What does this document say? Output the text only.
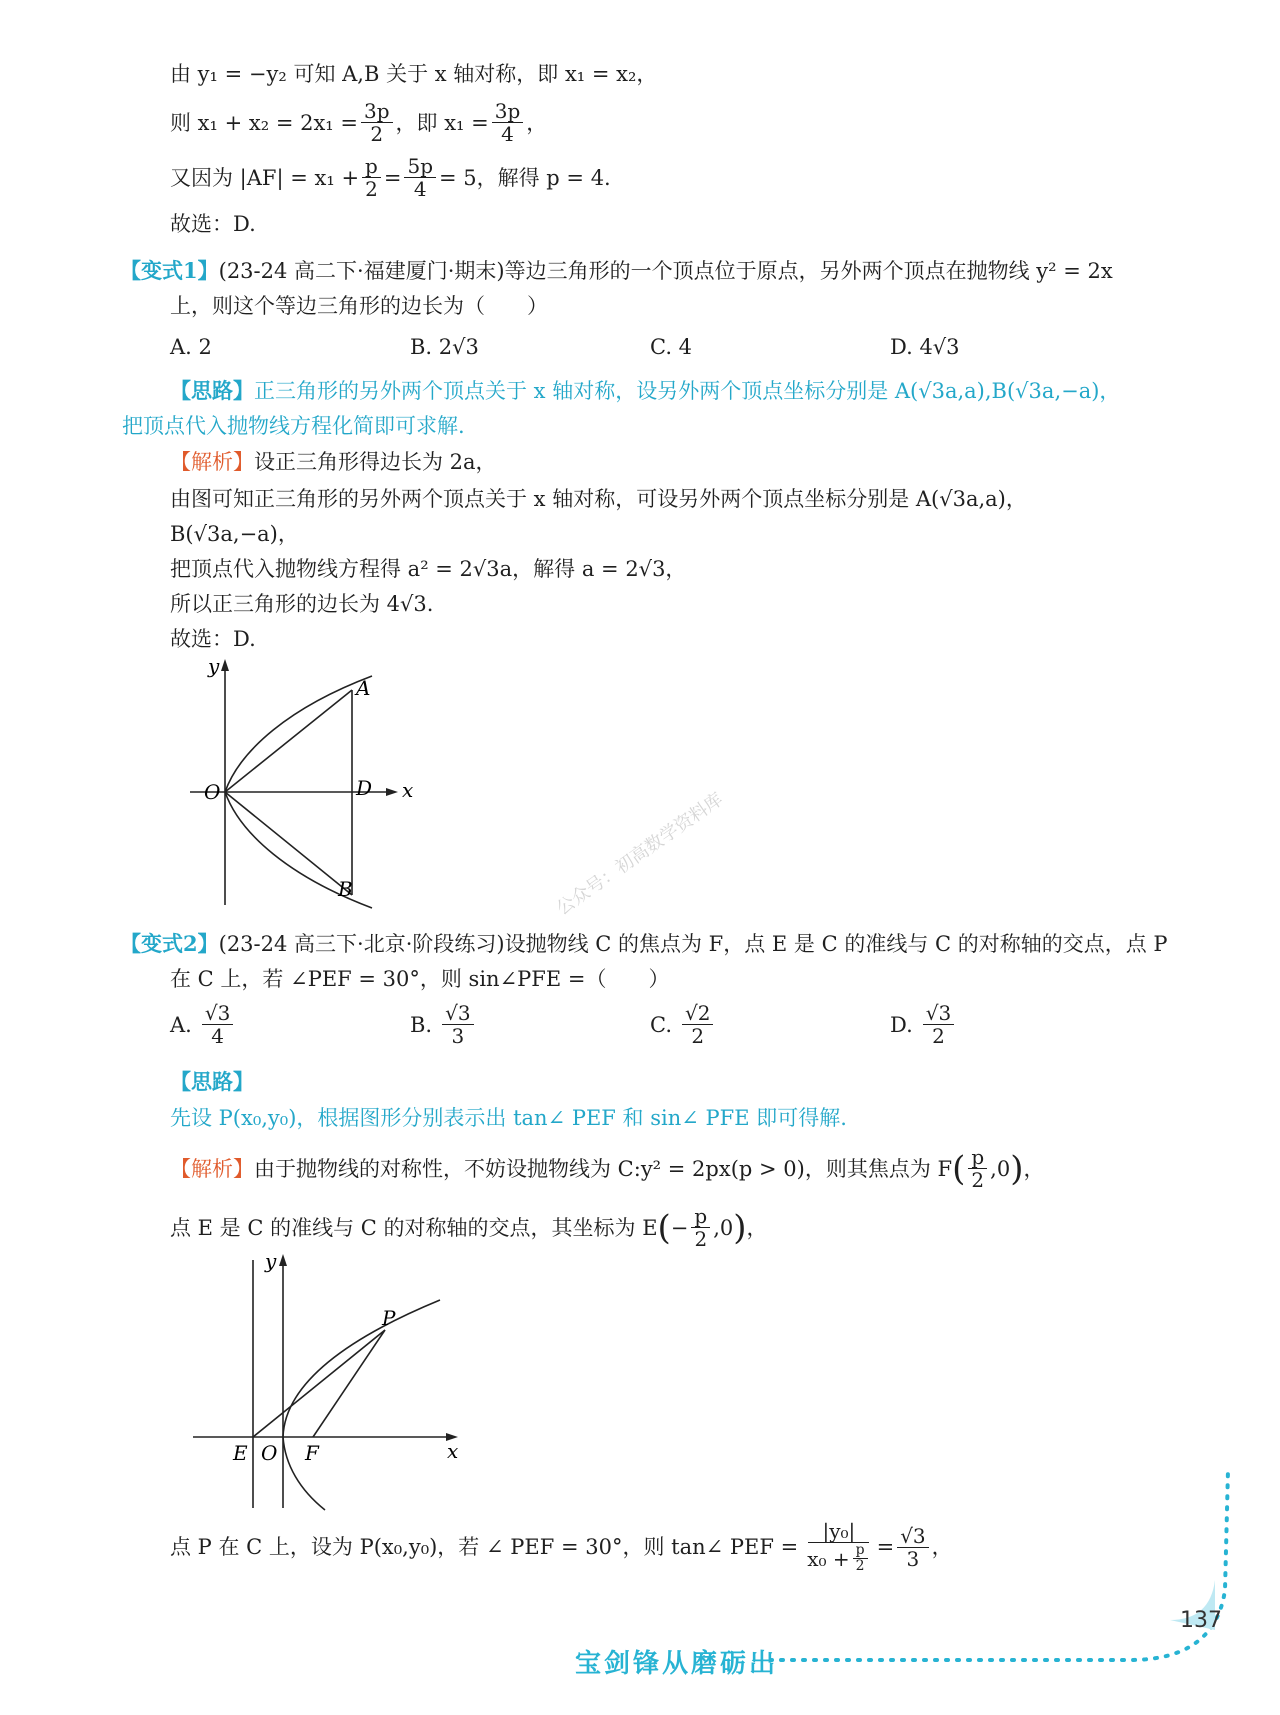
由 y₁ = −y₂ 可知 A,B 关于 x 轴对称，即 x₁ = x₂，
则 $x_1 + x_2 = 2x_1 = \frac{3p}{2}$ ，即 $x_1 = \frac{3p}{4}$ ，
又因为 $|AF| = x_1 + \frac{p}{2} = \frac{5p}{4} = 5$，解得 p = 4.
故选：D.
【变式1】(23-24 高二下·福建厦门·期末)等边三角形的一个顶点位于原点，另外两个顶点在抛物线 y² = 2x
上，则这个等边三角形的边长为（　　）
A. 2	B. 2√3	C. 4	D. 4√3
【思路】正三角形的另外两个顶点关于 x 轴对称，设另外两个顶点坐标分别是 A(√3a,a),B(√3a,−a)，
把顶点代入抛物线方程化简即可求解.
【解析】设正三角形得边长为 2a，
由图可知正三角形的另外两个顶点关于 x 轴对称，可设另外两个顶点坐标分别是 A(√3a,a)，
B(√3a,−a)，
把顶点代入抛物线方程得 a² = 2√3a，解得 a = 2√3，
所以正三角形的边长为 4√3.
故选：D.
y
x
O
A
B
D
公众号：初高数学资料库
【变式2】(23-24 高三下·北京·阶段练习)设抛物线 C 的焦点为 F，点 E 是 C 的准线与 C 的对称轴的交点，点 P
在 C 上，若 ∠PEF = 30°，则 sin∠PFE =（　　）
A. $\frac{√3}{4}$	B. $\frac{√3}{3}$	C. $\frac{√2}{2}$	D. $\frac{√3}{2}$
【思路】
先设 P(x₀,y₀)，根据图形分别表示出 tan∠ PEF 和 sin∠ PFE 即可得解.
【解析】 由于抛物线的对称性，不妨设抛物线为 C:y² = 2px(p > 0)，则其焦点为 F ( $\frac{p}{2} ,0$ ) ，
点 E 是 C 的准线与 C 的对称轴的交点，其坐标为 E ( − $\frac{p}{2} ,0$ ) ，
y
x
E O F
P
点 P 在 C 上，设为 P(x₀,y₀)，若 ∠ PEF = 30°，则 tan∠ PEF = $\frac{\text{|y₀|}}{x_0 + \frac{p}{2}} = \frac{√3}{3}$ ，
137
宝剑锋从磨砺出
